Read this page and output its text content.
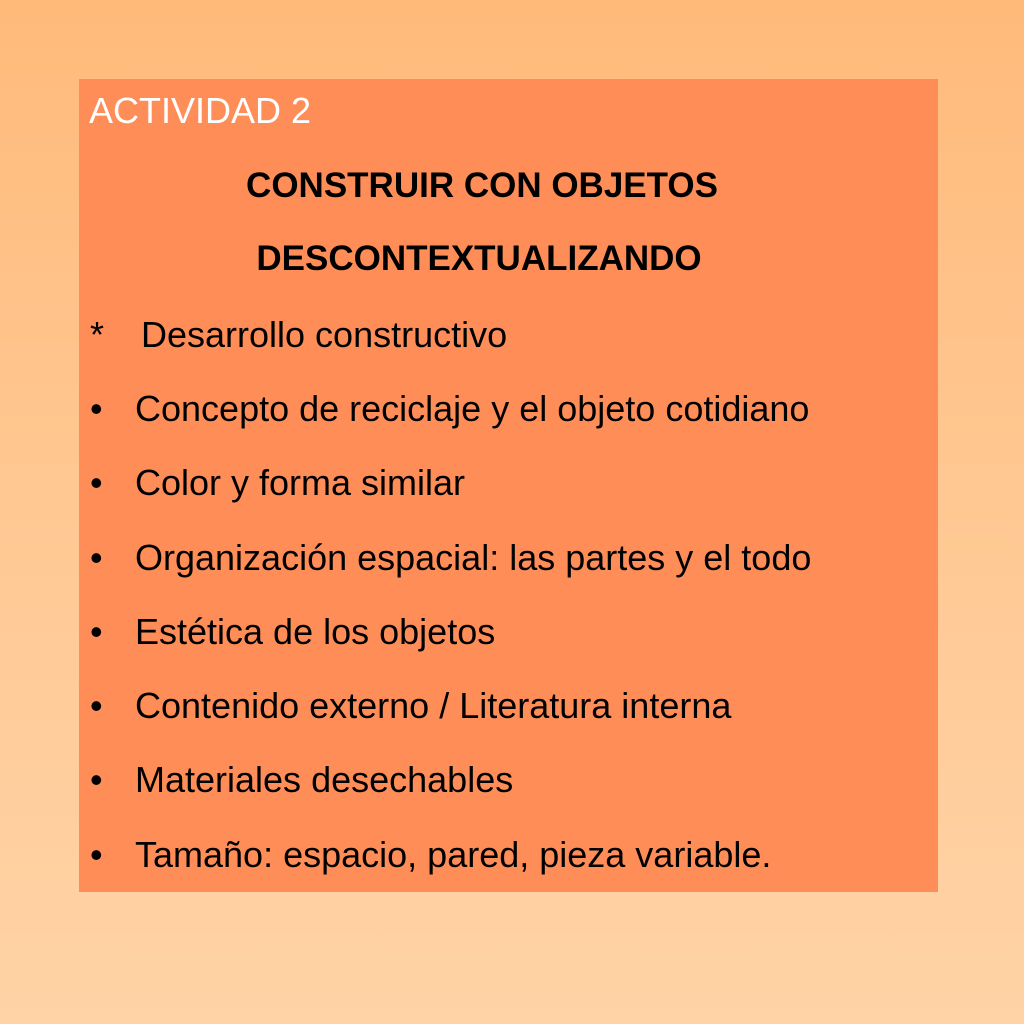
ACTIVIDAD 2
CONSTRUIR CON OBJETOS
DESCONTEXTUALIZANDO
* Desarrollo constructivo
• Concepto de reciclaje y el objeto cotidiano
• Color y forma similar
• Organización espacial: las partes y el todo
• Estética de los objetos
• Contenido externo / Literatura interna
• Materiales desechables
• Tamaño: espacio, pared, pieza variable.
